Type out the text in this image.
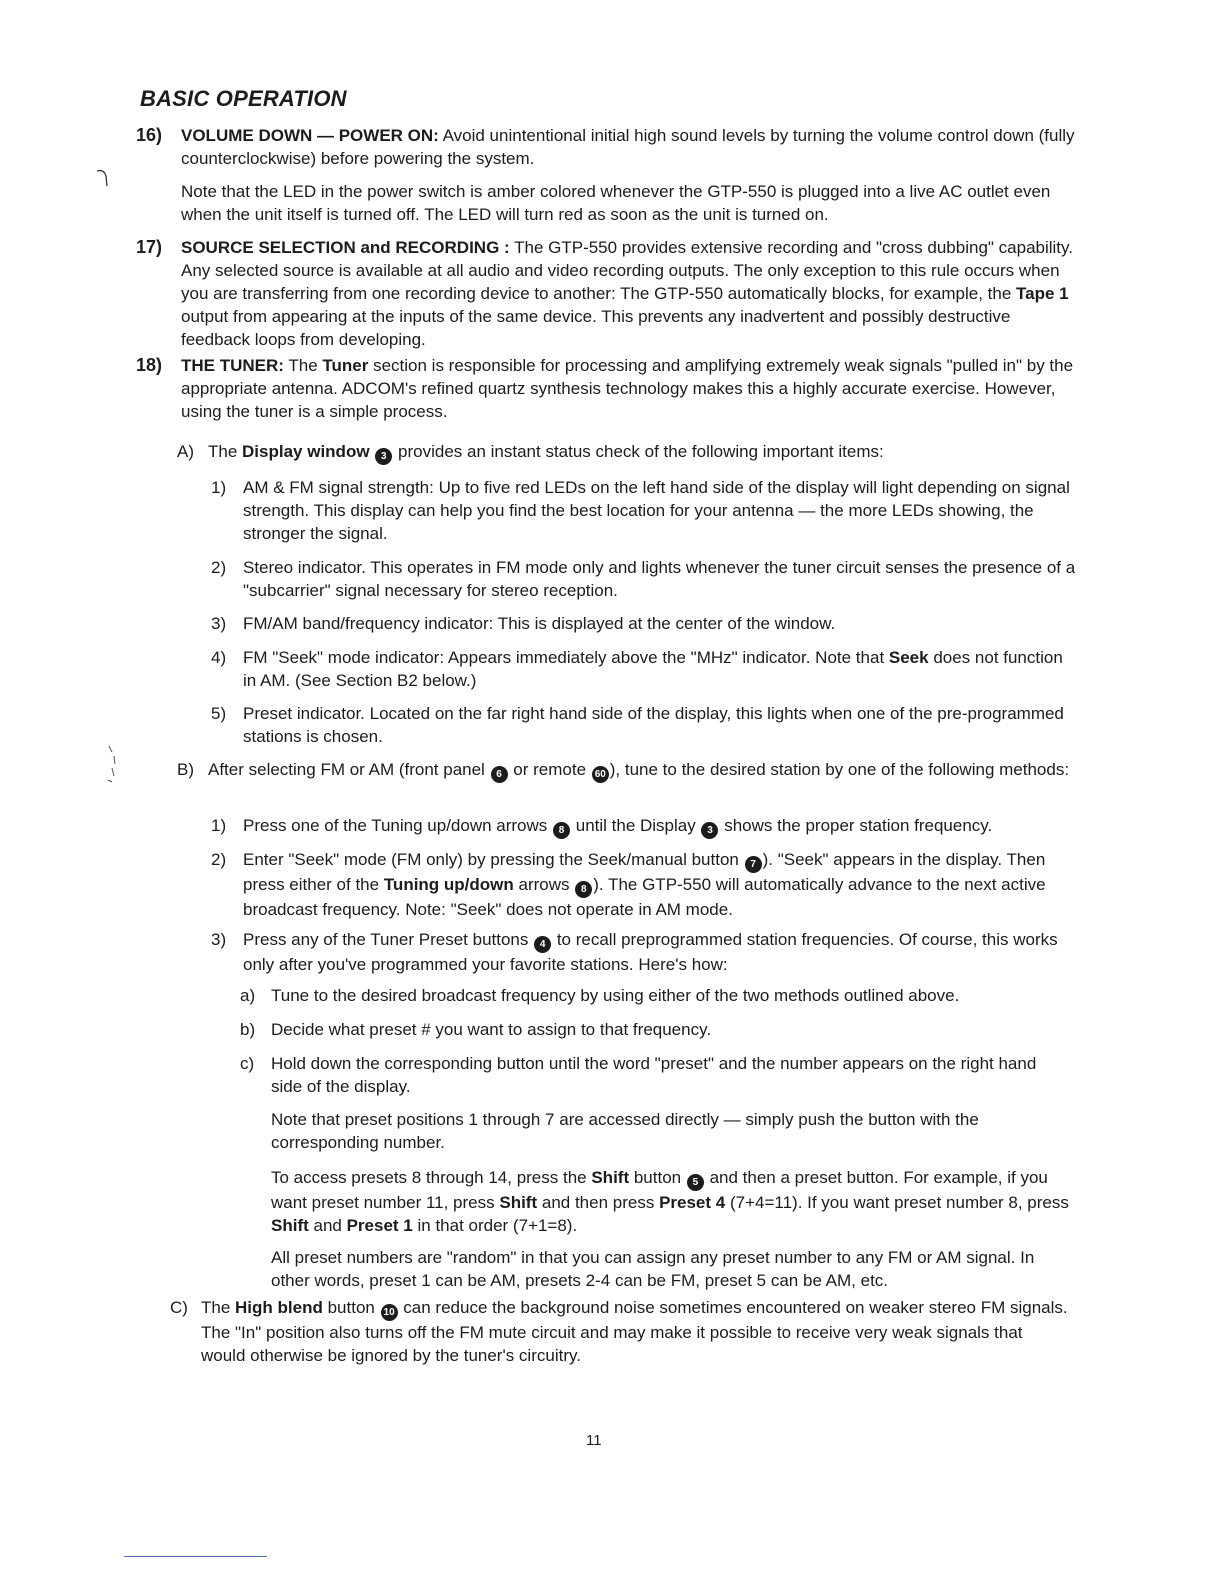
BASIC OPERATION
16) VOLUME DOWN — POWER ON: Avoid unintentional initial high sound levels by turning the volume control down (fully counterclockwise) before powering the system.
Note that the LED in the power switch is amber colored whenever the GTP-550 is plugged into a live AC outlet even when the unit itself is turned off. The LED will turn red as soon as the unit is turned on.
17) SOURCE SELECTION and RECORDING : The GTP-550 provides extensive recording and "cross dubbing" capability. Any selected source is available at all audio and video recording outputs. The only exception to this rule occurs when you are transferring from one recording device to another: The GTP-550 automatically blocks, for example, the Tape 1 output from appearing at the inputs of the same device. This prevents any inadvertent and possibly destructive feedback loops from developing.
18) THE TUNER: The Tuner section is responsible for processing and amplifying extremely weak signals "pulled in" by the appropriate antenna. ADCOM's refined quartz synthesis technology makes this a highly accurate exercise. However, using the tuner is a simple process.
A) The Display window 3 provides an instant status check of the following important items:
1) AM & FM signal strength: Up to five red LEDs on the left hand side of the display will light depending on signal strength. This display can help you find the best location for your antenna — the more LEDs showing, the stronger the signal.
2) Stereo indicator. This operates in FM mode only and lights whenever the tuner circuit senses the presence of a "subcarrier" signal necessary for stereo reception.
3) FM/AM band/frequency indicator: This is displayed at the center of the window.
4) FM "Seek" mode indicator: Appears immediately above the "MHz" indicator. Note that Seek does not function in AM. (See Section B2 below.)
5) Preset indicator. Located on the far right hand side of the display, this lights when one of the pre-programmed stations is chosen.
B) After selecting FM or AM (front panel 6 or remote 60 ), tune to the desired station by one of the following methods:
1) Press one of the Tuning up/down arrows 8 until the Display 3 shows the proper station frequency.
2) Enter "Seek" mode (FM only) by pressing the Seek/manual button 7 ). "Seek" appears in the display. Then press either of the Tuning up/down arrows 8 ). The GTP-550 will automatically advance to the next active broadcast frequency. Note: "Seek" does not operate in AM mode.
3) Press any of the Tuner Preset buttons 4 to recall preprogrammed station frequencies. Of course, this works only after you've programmed your favorite stations. Here's how:
a) Tune to the desired broadcast frequency by using either of the two methods outlined above.
b) Decide what preset # you want to assign to that frequency.
c) Hold down the corresponding button until the word "preset" and the number appears on the right hand side of the display.
Note that preset positions 1 through 7 are accessed directly — simply push the button with the corresponding number.
To access presets 8 through 14, press the Shift button 5 and then a preset button. For example, if you want preset number 11, press Shift and then press Preset 4 (7+4=11). If you want preset number 8, press Shift and Preset 1 in that order (7+1=8).
All preset numbers are "random" in that you can assign any preset number to any FM or AM signal. In other words, preset 1 can be AM, presets 2-4 can be FM, preset 5 can be AM, etc.
C) The High blend button 10 can reduce the background noise sometimes encountered on weaker stereo FM signals. The "In" position also turns off the FM mute circuit and may make it possible to receive very weak signals that would otherwise be ignored by the tuner's circuitry.
11
